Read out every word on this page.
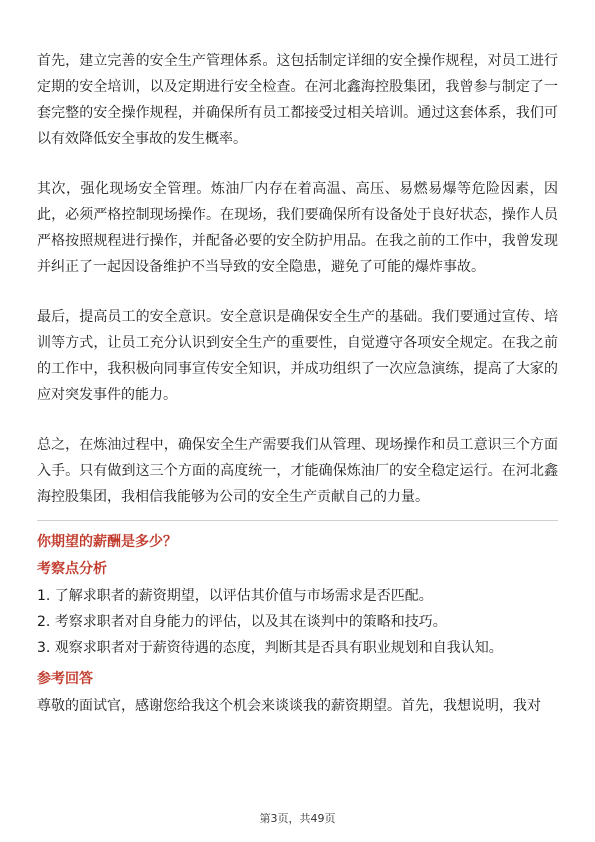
首先，建立完善的安全生产管理体系。这包括制定详细的安全操作规程，对员工进行定期的安全培训，以及定期进行安全检查。在河北鑫海控股集团，我曾参与制定了一套完整的安全操作规程，并确保所有员工都接受过相关培训。通过这套体系，我们可以有效降低安全事故的发生概率。

其次，强化现场安全管理。炼油厂内存在着高温、高压、易燃易爆等危险因素，因此，必须严格控制现场操作。在现场，我们要确保所有设备处于良好状态，操作人员严格按照规程进行操作，并配备必要的安全防护用品。在我之前的工作中，我曾发现并纠正了一起因设备维护不当导致的安全隐患，避免了可能的爆炸事故。

最后，提高员工的安全意识。安全意识是确保安全生产的基础。我们要通过宣传、培训等方式，让员工充分认识到安全生产的重要性，自觉遵守各项安全规定。在我之前的工作中，我积极向同事宣传安全知识，并成功组织了一次应急演练，提高了大家的应对突发事件的能力。

总之，在炼油过程中，确保安全生产需要我们从管理、现场操作和员工意识三个方面入手。只有做到这三个方面的高度统一，才能确保炼油厂的安全稳定运行。在河北鑫海控股集团，我相信我能够为公司的安全生产贡献自己的力量。

你期望的薪酬是多少？
考察点分析
1. 了解求职者的薪资期望，以评估其价值与市场需求是否匹配。
2. 考察求职者对自身能力的评估，以及其在谈判中的策略和技巧。
3. 观察求职者对于薪资待遇的态度，判断其是否具有职业规划和自我认知。
参考回答

尊敬的面试官，感谢您给我这个机会来谈谈我的薪资期望。首先，我想说明，我对

第3页，共49页
